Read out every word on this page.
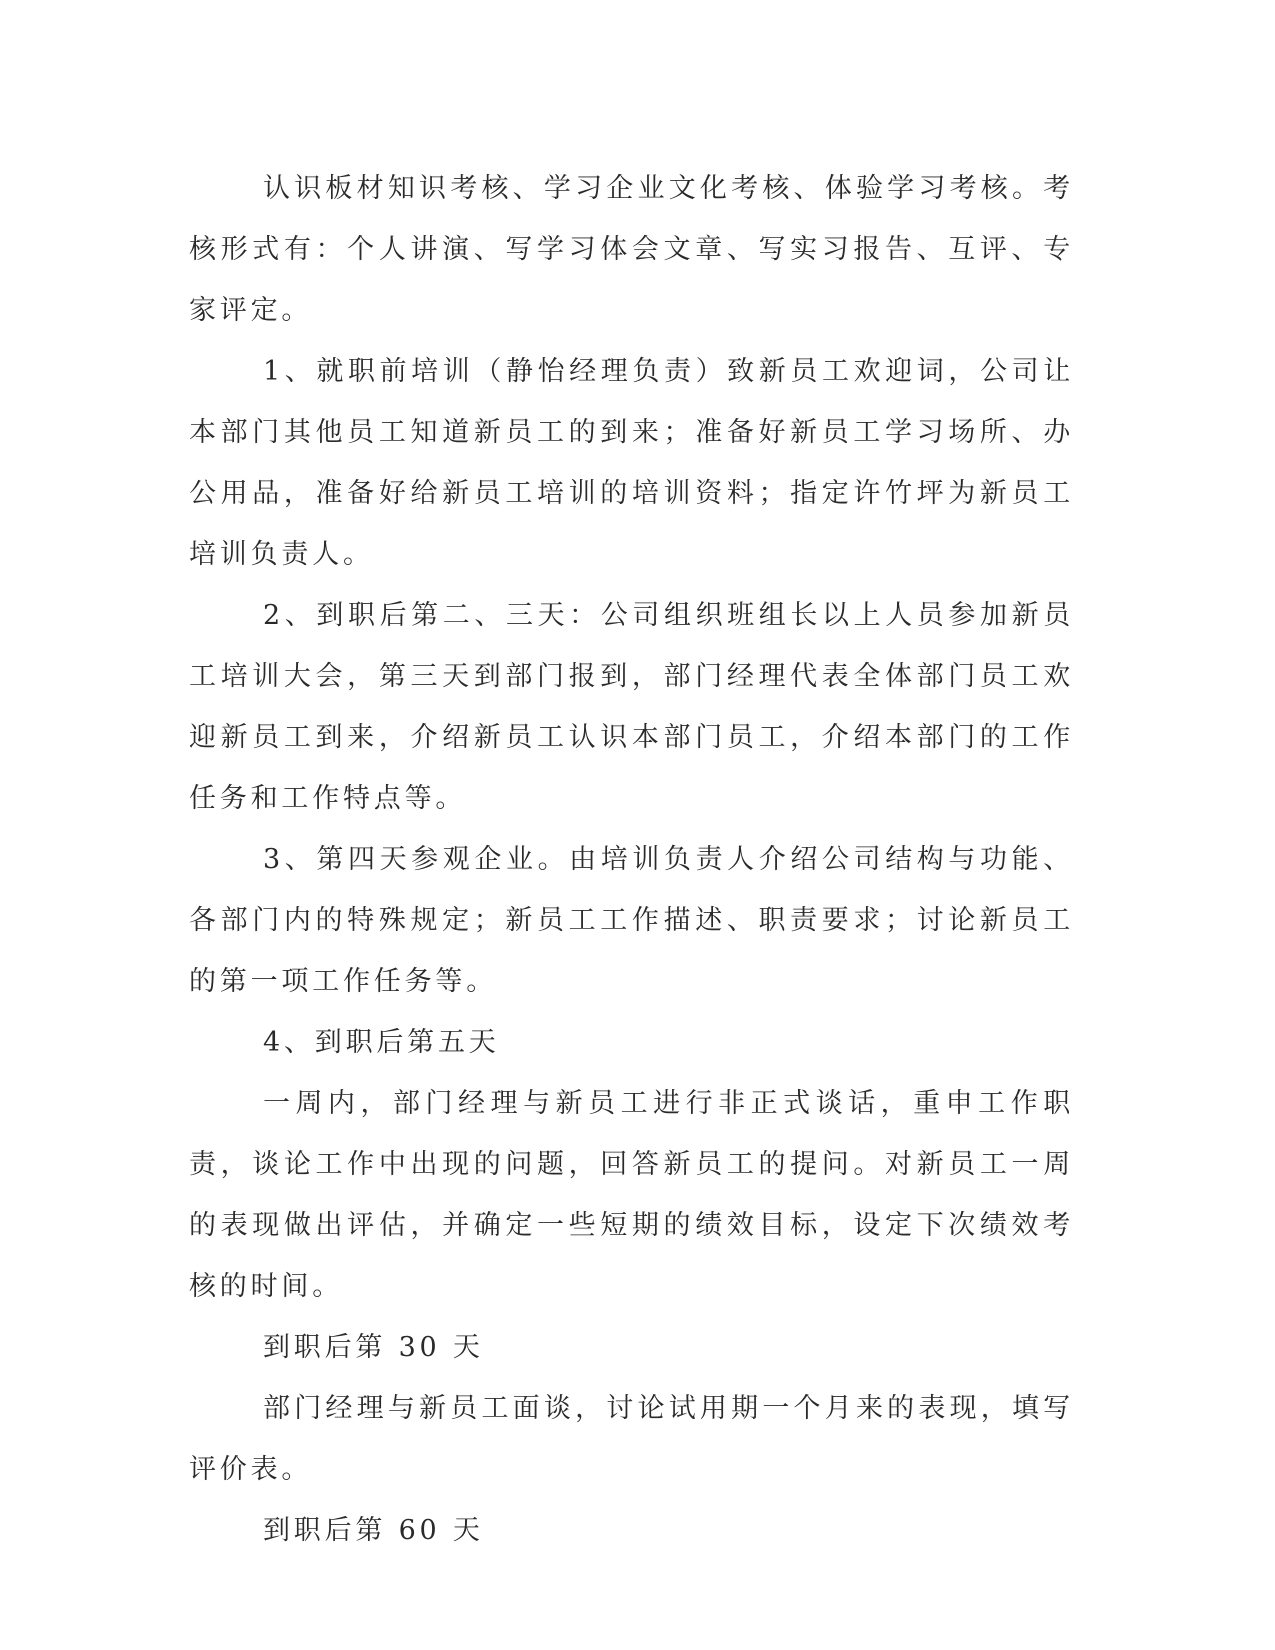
认识板材知识考核、学习企业文化考核、体验学习考核。考核形式有：个人讲演、写学习体会文章、写实习报告、互评、专家评定。

1、就职前培训（静怡经理负责）致新员工欢迎词，公司让本部门其他员工知道新员工的到来；准备好新员工学习场所、办公用品，准备好给新员工培训的培训资料；指定许竹坪为新员工培训负责人。

2、到职后第二、三天：公司组织班组长以上人员参加新员工培训大会，第三天到部门报到，部门经理代表全体部门员工欢迎新员工到来，介绍新员工认识本部门员工，介绍本部门的工作任务和工作特点等。

3、第四天参观企业。由培训负责人介绍公司结构与功能、各部门内的特殊规定；新员工工作描述、职责要求；讨论新员工的第一项工作任务等。

4、到职后第五天

一周内，部门经理与新员工进行非正式谈话，重申工作职责，谈论工作中出现的问题，回答新员工的提问。对新员工一周的表现做出评估，并确定一些短期的绩效目标，设定下次绩效考核的时间。

到职后第 30 天

部门经理与新员工面谈，讨论试用期一个月来的表现，填写评价表。

到职后第 60 天
